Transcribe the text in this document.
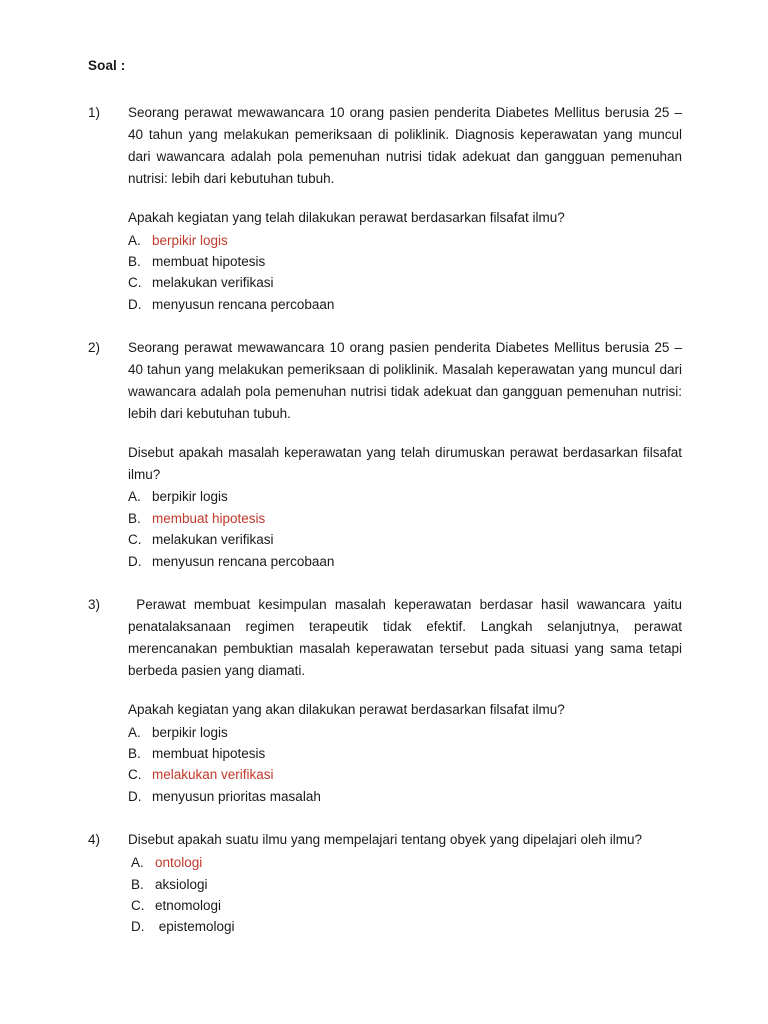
Soal :
1)	Seorang perawat mewawancara 10 orang pasien penderita Diabetes Mellitus berusia 25 – 40 tahun yang melakukan pemeriksaan di poliklinik. Diagnosis keperawatan yang muncul dari wawancara adalah pola pemenuhan nutrisi tidak adekuat dan gangguan pemenuhan nutrisi: lebih dari kebutuhan tubuh.

Apakah kegiatan yang telah dilakukan perawat berdasarkan filsafat ilmu?

A. berpikir logis
B. membuat hipotesis
C. melakukan verifikasi
D. menyusun rencana percobaan
2)	Seorang perawat mewawancara 10 orang pasien penderita Diabetes Mellitus berusia 25 – 40 tahun yang melakukan pemeriksaan di poliklinik. Masalah keperawatan yang muncul dari wawancara adalah pola pemenuhan nutrisi tidak adekuat dan gangguan pemenuhan nutrisi: lebih dari kebutuhan tubuh.

Disebut apakah masalah keperawatan yang telah dirumuskan perawat berdasarkan filsafat ilmu?

A. berpikir logis
B. membuat hipotesis
C. melakukan verifikasi
D. menyusun rencana percobaan
3)	Perawat membuat kesimpulan masalah keperawatan berdasar hasil wawancara yaitu penatalaksanaan regimen terapeutik tidak efektif. Langkah selanjutnya, perawat merencanakan pembuktian masalah keperawatan tersebut pada situasi yang sama tetapi berbeda pasien yang diamati.

Apakah kegiatan yang akan dilakukan perawat berdasarkan filsafat ilmu?

A. berpikir logis
B. membuat hipotesis
C. melakukan verifikasi
D. menyusun prioritas masalah
4)	Disebut apakah suatu ilmu yang mempelajari tentang obyek yang dipelajari oleh ilmu?

A. ontologi
B. aksiologi
C. etnomologi
D. epistemologi
